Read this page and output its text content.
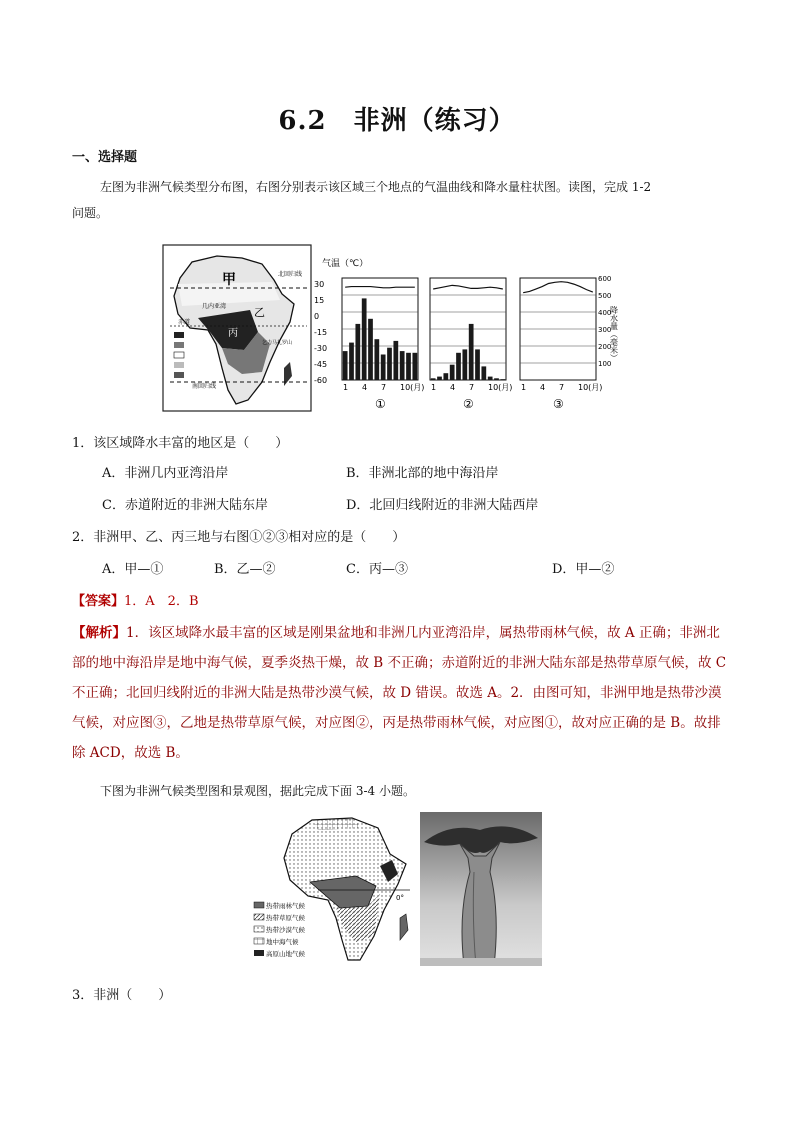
6.2　非洲（练习）
一、选择题
左图为非洲气候类型分布图，右图分别表示该区域三个地点的气温曲线和降水量柱状图。读图，完成 1-2
问题。
甲
乙
丙
北回归线
赤道
几内亚湾
乞力马扎罗山
南回归线
气温（℃）
30
15
0
-15
-30
-45
-60
600
500
400
300
200
100
1 4 7 10(月)
①
1 4 7 10(月)
②
1 4 7 10(月)
③
降水量（毫米）
1．该区域降水丰富的地区是（　　）
A．非洲几内亚湾沿岸	B．非洲北部的地中海沿岸
C．赤道附近的非洲大陆东岸	D．北回归线附近的非洲大陆西岸
2．非洲甲、乙、丙三地与右图①②③相对应的是（　　）
A．甲—①	B．乙—②	C．丙—③	D．甲—②
【答案】1．A　2．B
【解析】1．该区域降水最丰富的区域是刚果盆地和非洲几内亚湾沿岸，属热带雨林气候，故 A 正确；非洲北部的地中海沿岸是地中海气候，夏季炎热干燥，故 B 不正确；赤道附近的非洲大陆东部是热带草原气候，故 C 不正确；北回归线附近的非洲大陆是热带沙漠气候，故 D 错误。故选 A。2．由图可知，非洲甲地是热带沙漠气候，对应图③，乙地是热带草原气候，对应图②，丙是热带雨林气候，对应图①，故对应正确的是 B。故排除 ACD，故选 B。
下图为非洲气候类型图和景观图，据此完成下面 3-4 小题。
0°
热带雨林气候
热带草原气候
热带沙漠气候
地中海气候
高原山地气候
3．非洲（　　）
